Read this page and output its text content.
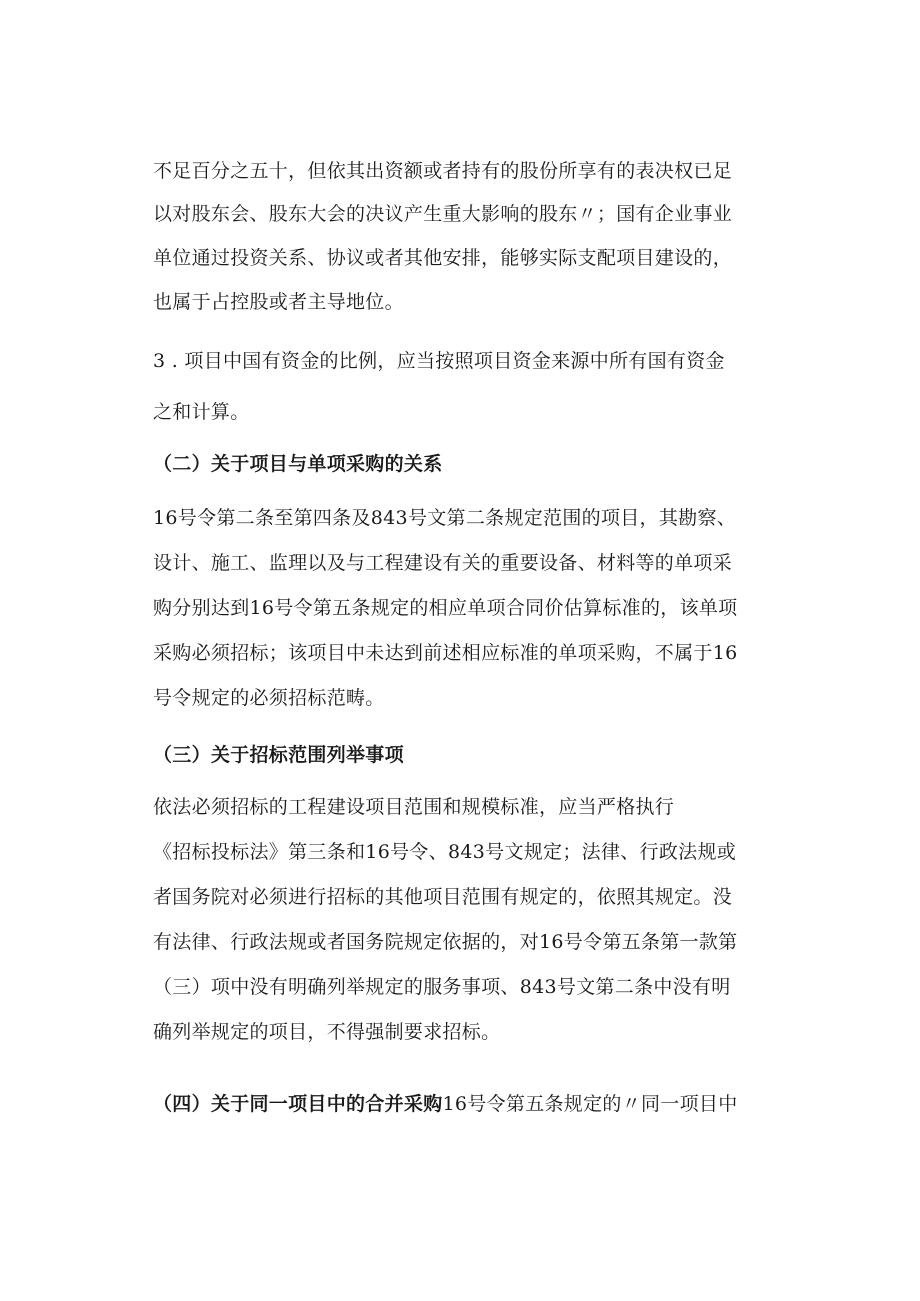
不足百分之五十，但依其出资额或者持有的股份所享有的表决权已足
以对股东会、股东大会的决议产生重大影响的股东〃；国有企业事业
单位通过投资关系、协议或者其他安排，能够实际支配项目建设的，
也属于占控股或者主导地位。
3 . 项目中国有资金的比例，应当按照项目资金来源中所有国有资金
之和计算。
（二）关于项目与单项采购的关系
16号令第二条至第四条及843号文第二条规定范围的项目，其勘察、
设计、施工、监理以及与工程建设有关的重要设备、材料等的单项采
购分别达到16号令第五条规定的相应单项合同价估算标准的，该单项
采购必须招标；该项目中未达到前述相应标准的单项采购，不属于16
号令规定的必须招标范畴。
（三）关于招标范围列举事项
依法必须招标的工程建设项目范围和规模标准，应当严格执行
《招标投标法》第三条和16号令、843号文规定；法律、行政法规或
者国务院对必须进行招标的其他项目范围有规定的，依照其规定。没
有法律、行政法规或者国务院规定依据的，对16号令第五条第一款第
（三）项中没有明确列举规定的服务事项、843号文第二条中没有明
确列举规定的项目，不得强制要求招标。
（四）关于同一项目中的合并采购16号令第五条规定的〃同一项目中
